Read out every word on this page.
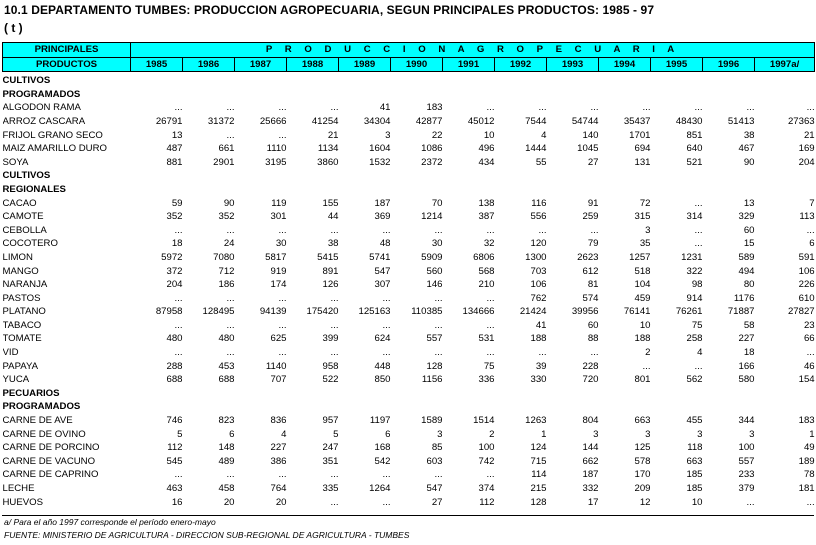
10.1 DEPARTAMENTO TUMBES: PRODUCCION AGROPECUARIA, SEGUN PRINCIPALES PRODUCTOS: 1985 - 97
( t )
PRINCIPALES	P R O D U C C I O N A G R O P E C U A R I A												
PRODUCTOS	1985	1986	1987	1988	1989	1990	1991	1992	1993	1994	1995	1996	1997a/
CULTIVOS													
PROGRAMADOS													
ALGODON RAMA	...	...	...	...	41	183	...	...	...	...	...	...	...
ARROZ CASCARA	26791	31372	25666	41254	34304	42877	45012	7544	54744	35437	48430	51413	27363
FRIJOL GRANO SECO	13	...	...	21	3	22	10	4	140	1701	851	38	21
MAIZ AMARILLO DURO	487	661	1110	1134	1604	1086	496	1444	1045	694	640	467	169
SOYA	881	2901	3195	3860	1532	2372	434	55	27	131	521	90	204
CULTIVOS													
REGIONALES													
CACAO	59	90	119	155	187	70	138	116	91	72	...	13	7
CAMOTE	352	352	301	44	369	1214	387	556	259	315	314	329	113
CEBOLLA	...	...	...	...	...	...	...	...	...	3	...	60	...
COCOTERO	18	24	30	38	48	30	32	120	79	35	...	15	6
LIMON	5972	7080	5817	5415	5741	5909	6806	1300	2623	1257	1231	589	591
MANGO	372	712	919	891	547	560	568	703	612	518	322	494	106
NARANJA	204	186	174	126	307	146	210	106	81	104	98	80	226
PASTOS	...	...	...	...	...	...	...	762	574	459	914	1176	610
PLATANO	87958	128495	94139	175420	125163	110385	134666	21424	39956	76141	76261	71887	27827
TABACO	...	...	...	...	...	...	...	41	60	10	75	58	23
TOMATE	480	480	625	399	624	557	531	188	88	188	258	227	66
VID	...	...	...	...	...	...	...	...	...	2	4	18	...
PAPAYA	288	453	1140	958	448	128	75	39	228	...	...	166	46
YUCA	688	688	707	522	850	1156	336	330	720	801	562	580	154
PECUARIOS													
PROGRAMADOS													
CARNE DE AVE	746	823	836	957	1197	1589	1514	1263	804	663	455	344	183
CARNE DE OVINO	5	6	4	5	6	3	2	1	3	3	3	3	1
CARNE DE PORCINO	112	148	227	247	168	85	100	124	144	125	118	100	49
CARNE DE VACUNO	545	489	386	351	542	603	742	715	662	578	663	557	189
CARNE DE CAPRINO	...	...	...	...	...	...	...	114	187	170	185	233	78
LECHE	463	458	764	335	1264	547	374	215	332	209	185	379	181
HUEVOS	16	20	20	...	...	27	112	128	17	12	10	...	...
a/ Para el año 1997 corresponde el período enero-mayo
FUENTE: MINISTERIO DE AGRICULTURA - DIRECCION SUB-REGIONAL DE AGRICULTURA - TUMBES
